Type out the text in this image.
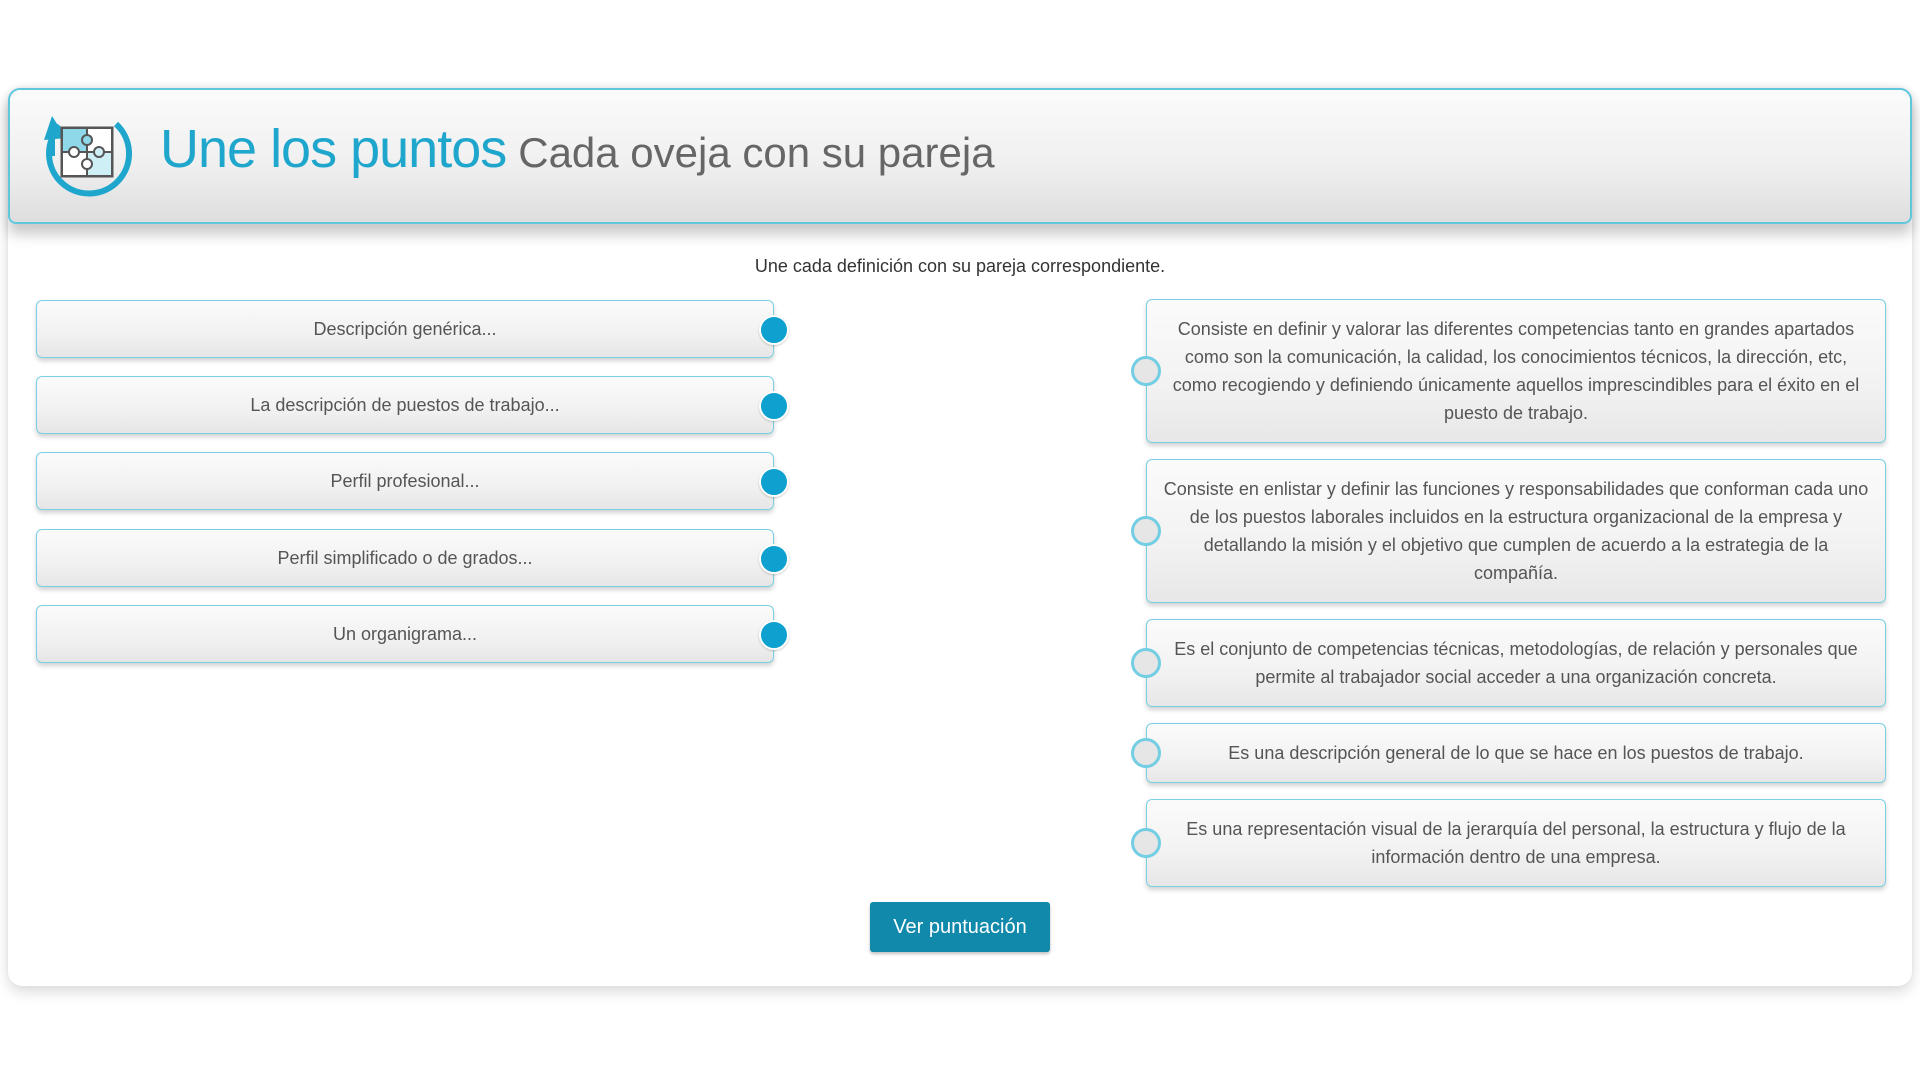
Une los puntos Cada oveja con su pareja
Une cada definición con su pareja correspondiente.
Descripción genérica...
La descripción de puestos de trabajo...
Perfil profesional...
Perfil simplificado o de grados...
Un organigrama...
Consiste en definir y valorar las diferentes competencias tanto en grandes apartados como son la comunicación, la calidad, los conocimientos técnicos, la dirección, etc, como recogiendo y definiendo únicamente aquellos imprescindibles para el éxito en el puesto de trabajo.
Consiste en enlistar y definir las funciones y responsabilidades que conforman cada uno de los puestos laborales incluidos en la estructura organizacional de la empresa y detallando la misión y el objetivo que cumplen de acuerdo a la estrategia de la compañía.
Es el conjunto de competencias técnicas, metodologías, de relación y personales que permite al trabajador social acceder a una organización concreta.
Es una descripción general de lo que se hace en los puestos de trabajo.
Es una representación visual de la jerarquía del personal, la estructura y flujo de la información dentro de una empresa.
Ver puntuación
